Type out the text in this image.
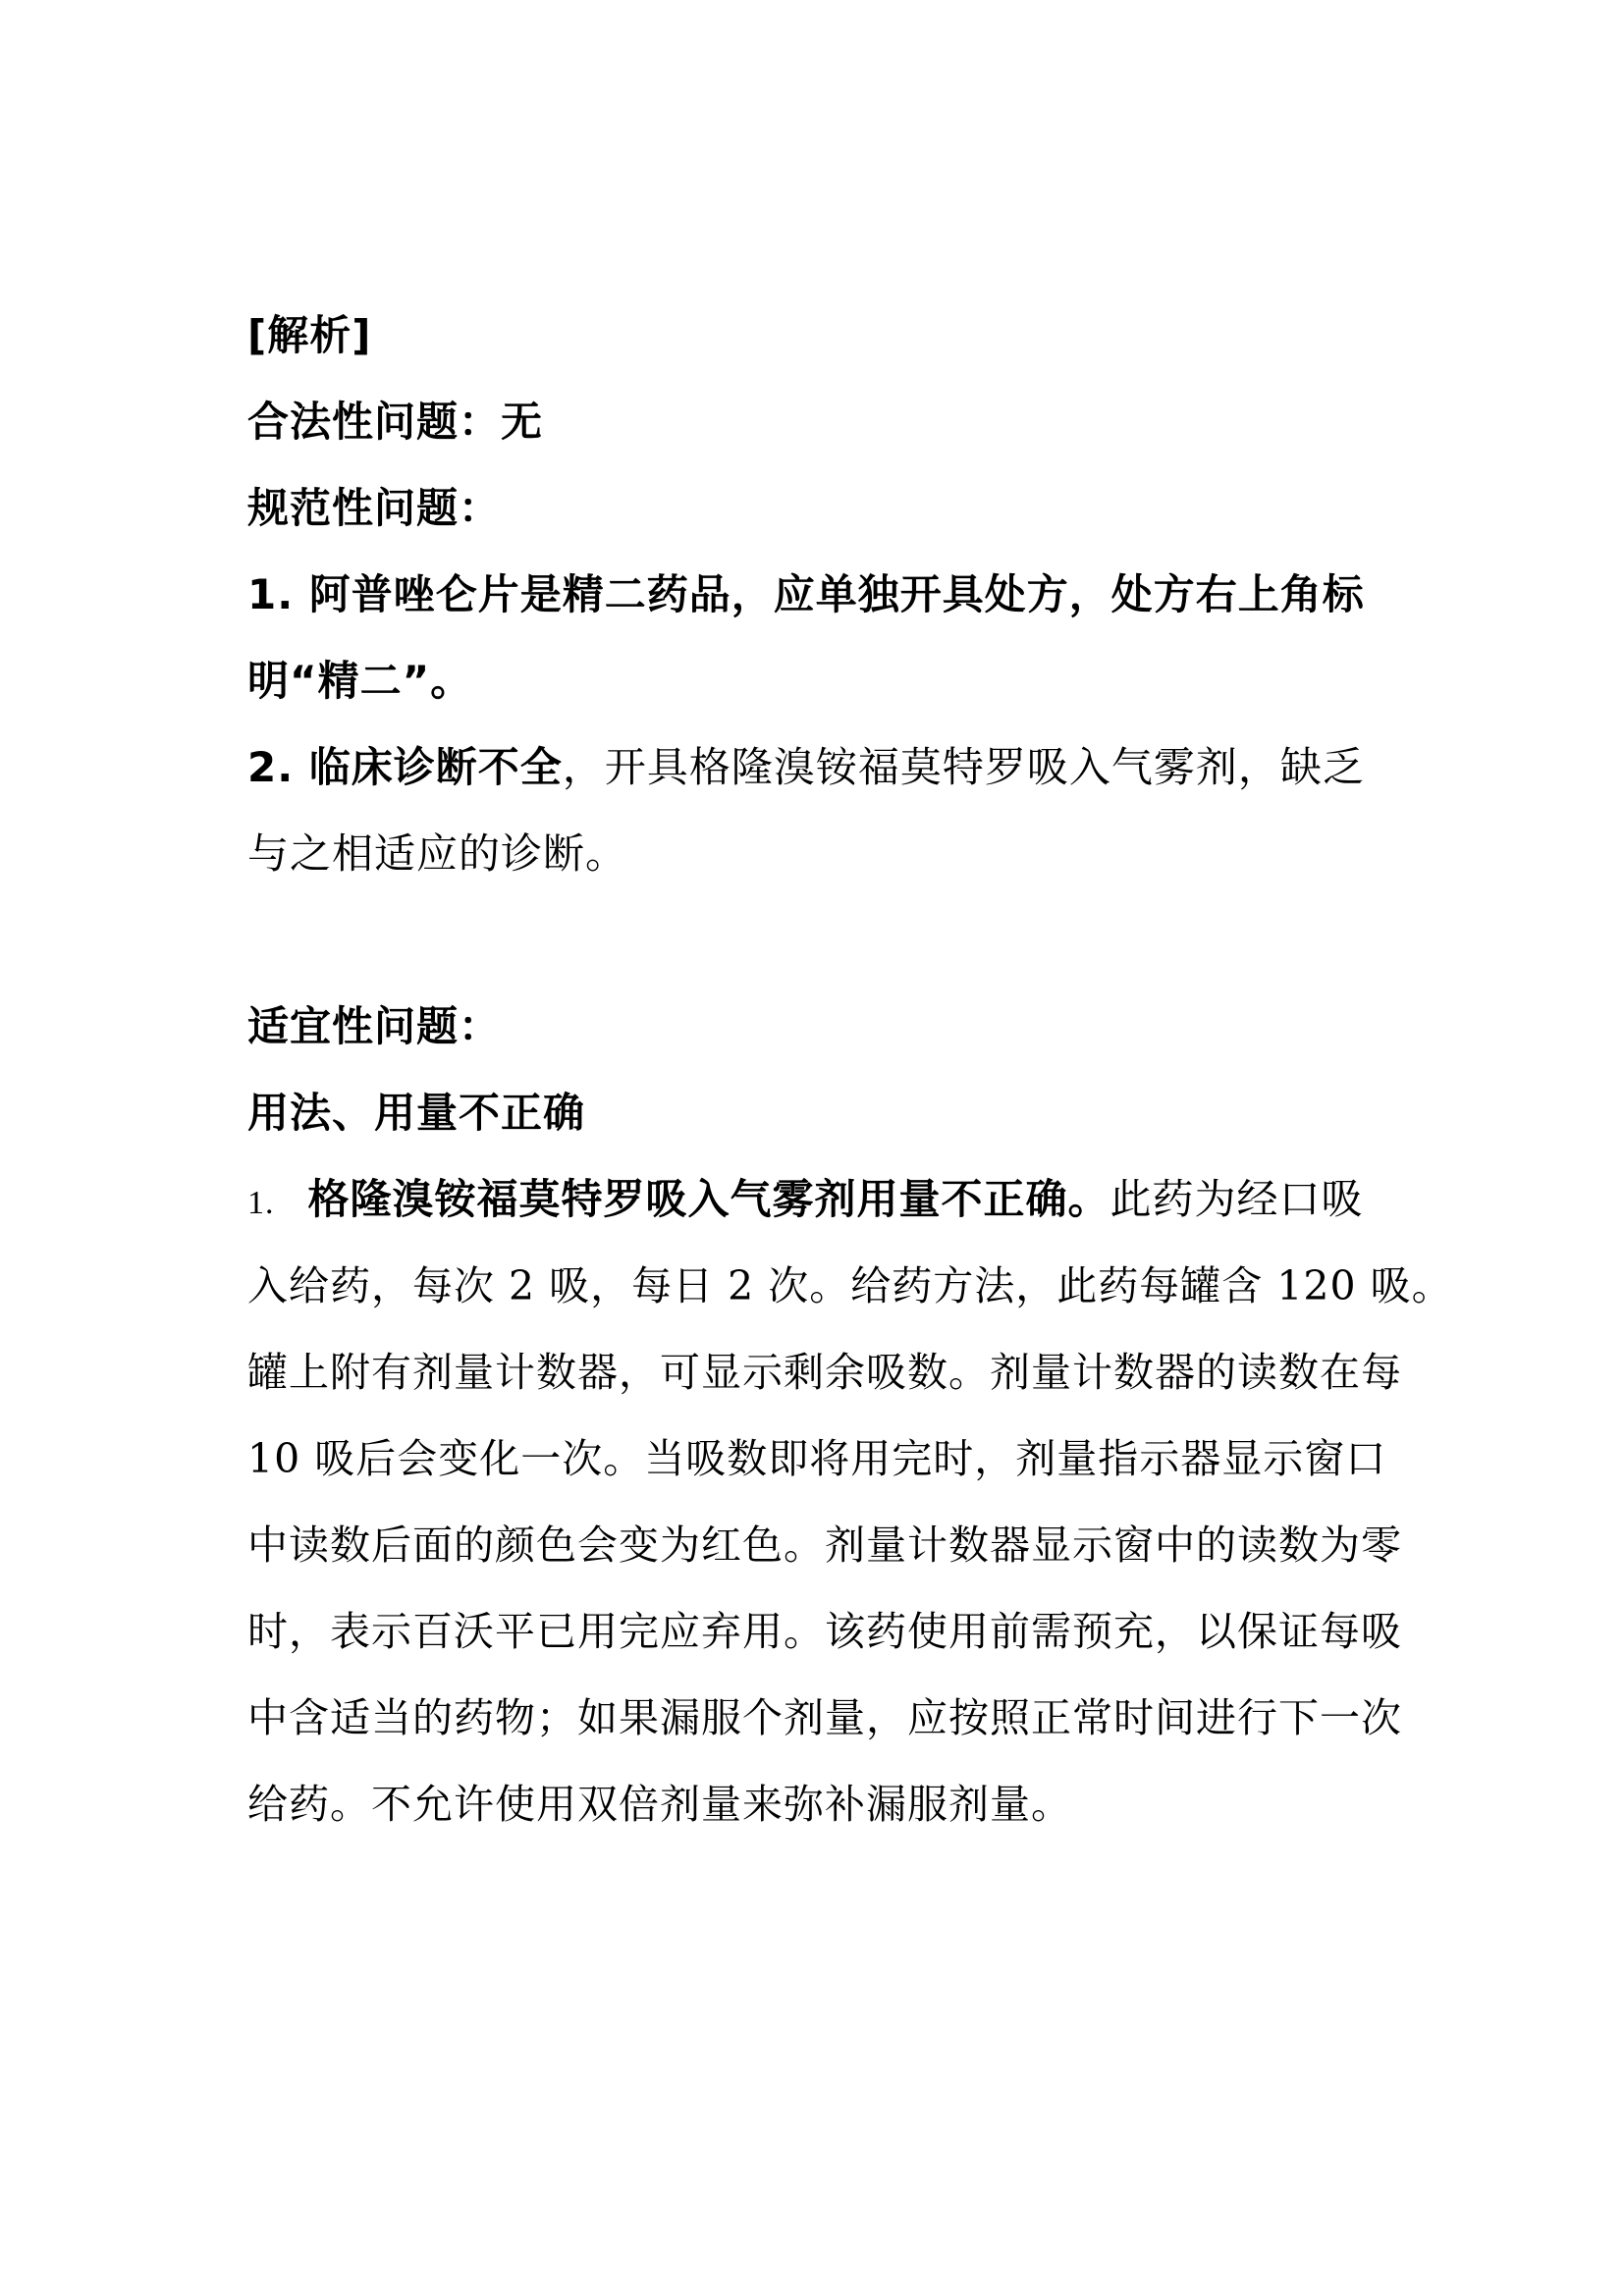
[解析]
合法性问题：无
规范性问题：
1. 阿普唑仑片是精二药品，应单独开具处方，处方右上角标
明“精二”。
2. 临床诊断不全，开具格隆溴铵福莫特罗吸入气雾剂，缺乏
与之相适应的诊断。
适宜性问题：
用法、用量不正确
1. 格隆溴铵福莫特罗吸入气雾剂用量不正确。此药为经口吸
入给药，每次 2 吸，每日 2 次。给药方法，此药每罐含 120 吸。
罐上附有剂量计数器，可显示剩余吸数。剂量计数器的读数在每
10 吸后会变化一次。当吸数即将用完时，剂量指示器显示窗口
中读数后面的颜色会变为红色。剂量计数器显示窗中的读数为零
时，表示百沃平已用完应弃用。该药使用前需预充，以保证每吸
中含适当的药物；如果漏服个剂量，应按照正常时间进行下一次
给药。不允许使用双倍剂量来弥补漏服剂量。
